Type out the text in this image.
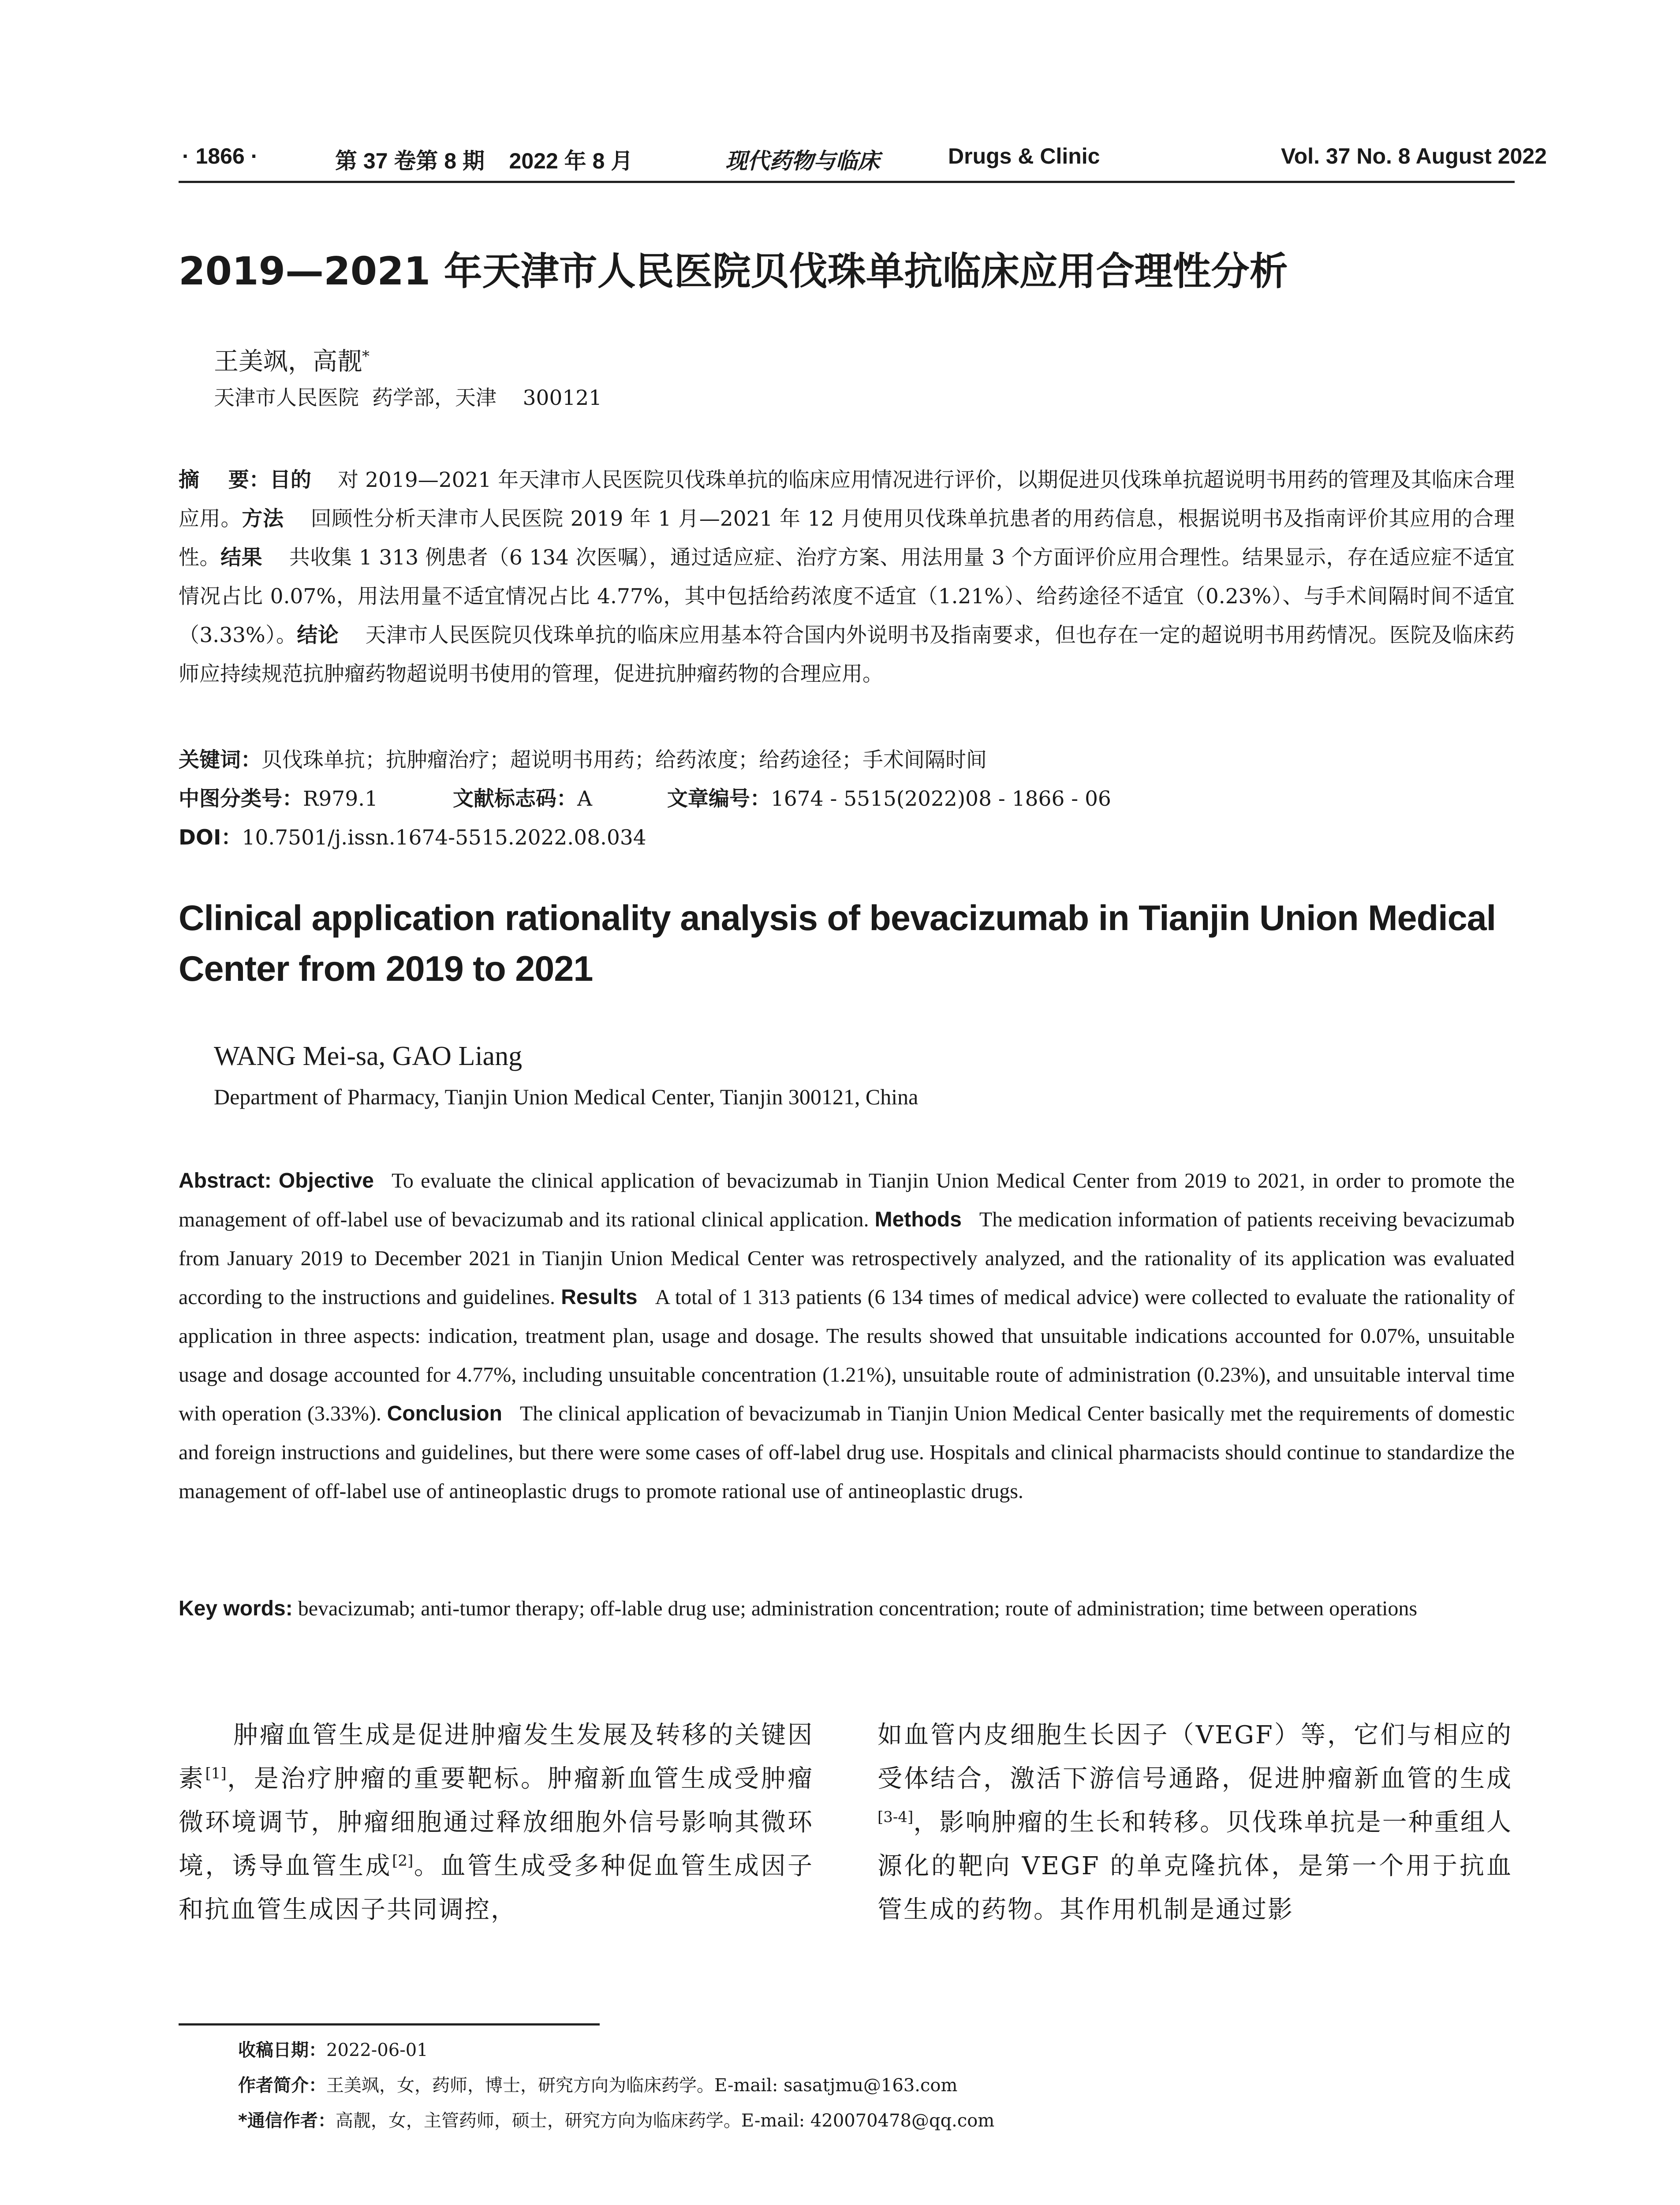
· 1866 ·	第 37 卷第 8 期    2022 年 8 月	现代药物与临床	Drugs & Clinic	Vol. 37 No. 8 August 2022
2019—2021 年天津市人民医院贝伐珠单抗临床应用合理性分析

王美飒，高靓*

天津市人民医院  药学部，天津    300121

摘    要：目的 对 2019—2021 年天津市人民医院贝伐珠单抗的临床应用情况进行评价，以期促进贝伐珠单抗超说明书用药的管理及其临床合理应用。方法 回顾性分析天津市人民医院 2019 年 1 月—2021 年 12 月使用贝伐珠单抗患者的用药信息，根据说明书及指南评价其应用的合理性。结果 共收集 1 313 例患者（6 134 次医嘱），通过适应症、治疗方案、用法用量 3 个方面评价应用合理性。结果显示，存在适应症不适宜情况占比 0.07%，用法用量不适宜情况占比 4.77%，其中包括给药浓度不适宜（1.21%）、给药途径不适宜（0.23%）、与手术间隔时间不适宜（3.33%）。结论 天津市人民医院贝伐珠单抗的临床应用基本符合国内外说明书及指南要求，但也存在一定的超说明书用药情况。医院及临床药师应持续规范抗肿瘤药物超说明书使用的管理，促进抗肿瘤药物的合理应用。

关键词：贝伐珠单抗；抗肿瘤治疗；超说明书用药；给药浓度；给药途径；手术间隔时间

中图分类号：R979.1	文献标志码：A	文章编号：1674 - 5515(2022)08 - 1866 - 06

DOI：10.7501/j.issn.1674-5515.2022.08.034

Clinical application rationality analysis of bevacizumab in Tianjin Union Medical Center from 2019 to 2021

WANG Mei-sa, GAO Liang

Department of Pharmacy, Tianjin Union Medical Center, Tianjin 300121, China

Abstract: Objective To evaluate the clinical application of bevacizumab in Tianjin Union Medical Center from 2019 to 2021, in order to promote the management of off-label use of bevacizumab and its rational clinical application. Methods The medication information of patients receiving bevacizumab from January 2019 to December 2021 in Tianjin Union Medical Center was retrospectively analyzed, and the rationality of its application was evaluated according to the instructions and guidelines. Results A total of 1 313 patients (6 134 times of medical advice) were collected to evaluate the rationality of application in three aspects: indication, treatment plan, usage and dosage. The results showed that unsuitable indications accounted for 0.07%, unsuitable usage and dosage accounted for 4.77%, including unsuitable concentration (1.21%), unsuitable route of administration (0.23%), and unsuitable interval time with operation (3.33%). Conclusion The clinical application of bevacizumab in Tianjin Union Medical Center basically met the requirements of domestic and foreign instructions and guidelines, but there were some cases of off-label drug use. Hospitals and clinical pharmacists should continue to standardize the management of off-label use of antineoplastic drugs to promote rational use of antineoplastic drugs.

Key words: bevacizumab; anti-tumor therapy; off-lable drug use; administration concentration; route of administration; time between operations

肿瘤血管生成是促进肿瘤发生发展及转移的关键因素[1]，是治疗肿瘤的重要靶标。肿瘤新血管生成受肿瘤微环境调节，肿瘤细胞通过释放细胞外信号影响其微环境，诱导血管生成[2]。血管生成受多种促血管生成因子和抗血管生成因子共同调控，

如血管内皮细胞生长因子（VEGF）等，它们与相应的受体结合，激活下游信号通路，促进肿瘤新血管的生成[3-4]，影响肿瘤的生长和转移。贝伐珠单抗是一种重组人源化的靶向 VEGF 的单克隆抗体，是第一个用于抗血管生成的药物。其作用机制是通过影

收稿日期：2022-06-01

作者简介：王美飒，女，药师，博士，研究方向为临床药学。E-mail: sasatjmu@163.com

*通信作者：高靓，女，主管药师，硕士，研究方向为临床药学。E-mail: 420070478@qq.com
